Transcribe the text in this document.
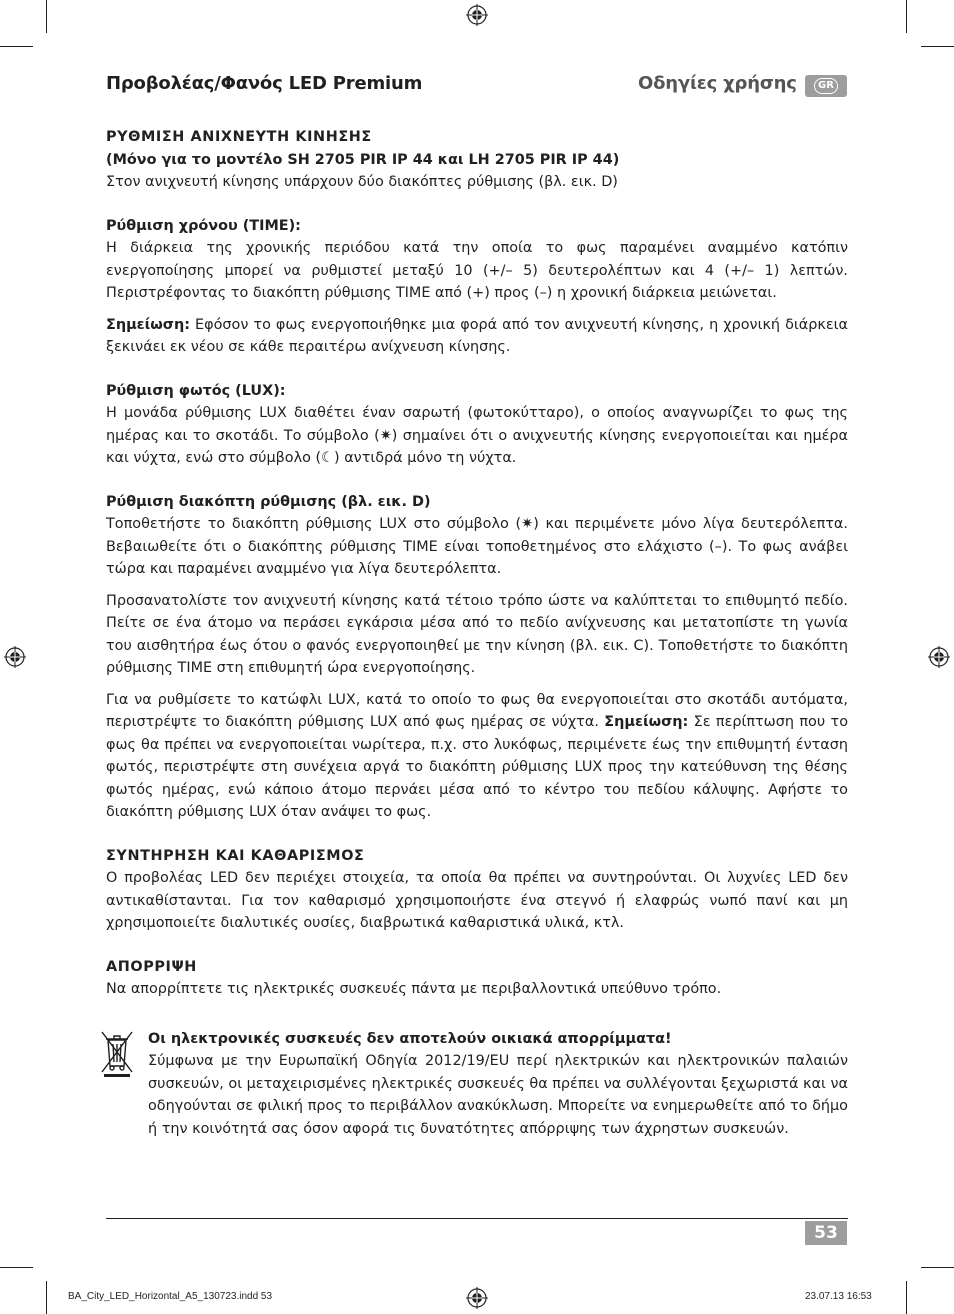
Προβολέας/Φανός LED Premium	Οδηγίες χρήσης	GR

ΡΥΘΜΙΣΗ ΑΝΙΧΝΕΥΤΗ ΚΙΝΗΣΗΣ

(Μόνο για το μοντέλο SH 2705 PIR IP 44 και LH 2705 PIR IP 44)

Στον ανιχνευτή κίνησης υπάρχουν δύο διακόπτες ρύθμισης (βλ. εικ. D)

Ρύθμιση χρόνου (TIME):

Η διάρκεια της χρονικής περιόδου κατά την οποία το φως παραμένει αναμμένο κατόπιν ενεργοποίησης μπορεί να ρυθμιστεί μεταξύ 10 (+/– 5) δευτερολέπτων και 4 (+/– 1) λεπτών. Περιστρέφοντας το διακόπτη ρύθμισης TIME από (+) προς (–) η χρονική διάρκεια μειώνεται.

Σημείωση: Εφόσον το φως ενεργοποιήθηκε μια φορά από τον ανιχνευτή κίνησης, η χρονική διάρκεια ξεκινάει εκ νέου σε κάθε περαιτέρω ανίχνευση κίνησης.

Ρύθμιση φωτός (LUX):

Η μονάδα ρύθμισης LUX διαθέτει έναν σαρωτή (φωτοκύτταρο), ο οποίος αναγνωρίζει το φως της ημέρας και το σκοτάδι. Το σύμβολο (✷) σημαίνει ότι ο ανιχνευτής κίνησης ενεργοποιείται και ημέρα και νύχτα, ενώ στο σύμβολο (☾) αντιδρά μόνο τη νύχτα.

Ρύθμιση διακόπτη ρύθμισης (βλ. εικ. D)

Τοποθετήστε το διακόπτη ρύθμισης LUX στο σύμβολο (✷) και περιμένετε μόνο λίγα δευτερόλεπτα. Βεβαιωθείτε ότι ο διακόπτης ρύθμισης TIME είναι τοποθετημένος στο ελάχιστο (–). Το φως ανάβει τώρα και παραμένει αναμμένο για λίγα δευτερόλεπτα.

Προσανατολίστε τον ανιχνευτή κίνησης κατά τέτοιο τρόπο ώστε να καλύπτεται το επιθυμητό πεδίο. Πείτε σε ένα άτομο να περάσει εγκάρσια μέσα από το πεδίο ανίχνευσης και μετατοπίστε τη γωνία του αισθητήρα έως ότου ο φανός ενεργοποιηθεί με την κίνηση (βλ. εικ. C). Τοποθετήστε το διακόπτη ρύθμισης TIME στη επιθυμητή ώρα ενεργοποίησης.

Για να ρυθμίσετε το κατώφλι LUX, κατά το οποίο το φως θα ενεργοποιείται στο σκοτάδι αυτόματα, περιστρέψτε το διακόπτη ρύθμισης LUX από φως ημέρας σε νύχτα. Σημείωση: Σε περίπτωση που το φως θα πρέπει να ενεργοποιείται νωρίτερα, π.χ. στο λυκόφως, περιμένετε έως την επιθυμητή ένταση φωτός, περιστρέψτε στη συνέχεια αργά το διακόπτη ρύθμισης LUX προς την κατεύθυνση της θέσης φωτός ημέρας, ενώ κάποιο άτομο περνάει μέσα από το κέντρο του πεδίου κάλυψης. Αφήστε το διακόπτη ρύθμισης LUX όταν ανάψει το φως.

ΣΥΝΤΗΡΗΣΗ ΚΑΙ ΚΑΘΑΡΙΣΜΟΣ

Ο προβολέας LED δεν περιέχει στοιχεία, τα οποία θα πρέπει να συντηρούνται. Οι λυχνίες LED δεν αντικαθίστανται. Για τον καθαρισμό χρησιμοποιήστε ένα στεγνό ή ελαφρώς νωπό πανί και μη χρησιμοποιείτε διαλυτικές ουσίες, διαβρωτικά καθαριστικά υλικά, κτλ.

ΑΠΟΡΡΙΨΗ

Να απορρίπτετε τις ηλεκτρικές συσκευές πάντα με περιβαλλοντικά υπεύθυνο τρόπο.

Οι ηλεκτρονικές συσκευές δεν αποτελούν οικιακά απορρίμματα!

Σύμφωνα με την Ευρωπαϊκή Οδηγία 2012/19/EU περί ηλεκτρικών και ηλεκτρονικών παλαιών συσκευών, οι μεταχειρισμένες ηλεκτρικές συσκευές θα πρέπει να συλλέγονται ξεχωριστά και να οδηγούνται σε φιλική προς το περιβάλλον ανακύκλωση. Μπορείτε να ενημερωθείτε από το δήμο ή την κοινότητά σας όσον αφορά τις δυνατότητες απόρριψης των άχρηστων συσκευών.

53
BA_City_LED_Horizontal_A5_130723.indd 53	23.07.13 16:53
